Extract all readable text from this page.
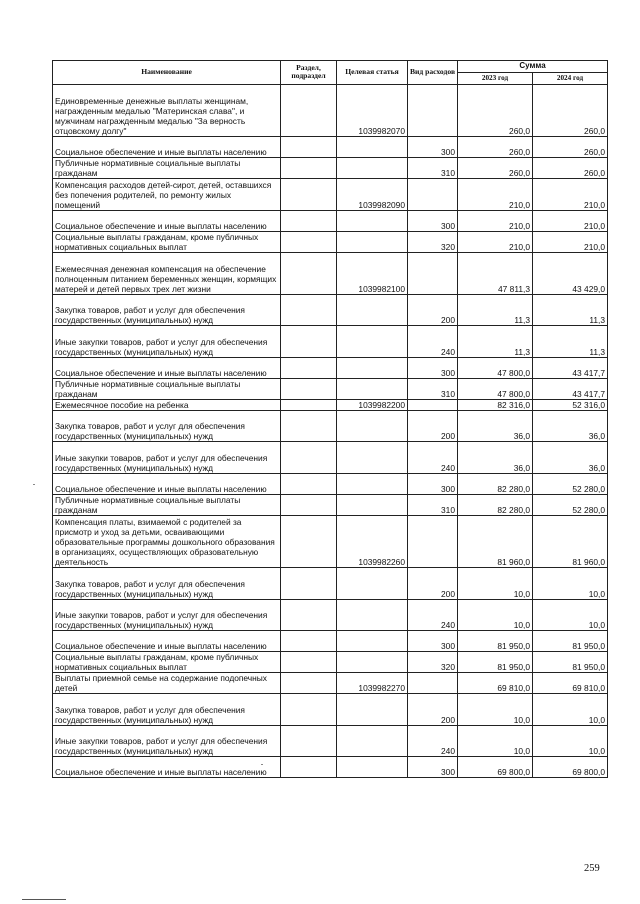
Наименование	Раздел, подраздел	Целевая статья	Вид расходов	Сумма	
				2023 год	2024 год
Единовременные денежные выплаты женщинам, награжденным медалью "Материнская слава", и мужчинам награжденным медалью "За верность отцовскому долгу"		1039982070		260,0	260,0
Социальное обеспечение и иные выплаты населению			300	260,0	260,0
Публичные нормативные социальные выплаты гражданам			310	260,0	260,0
Компенсация расходов детей-сирот, детей, оставшихся без попечения родителей, по ремонту жилых помещений		1039982090		210,0	210,0
Социальное обеспечение и иные выплаты населению			300	210,0	210,0
Социальные выплаты гражданам, кроме публичных нормативных социальных выплат			320	210,0	210,0
Ежемесячная денежная компенсация на обеспечение полноценным питанием беременных женщин, кормящих матерей и детей первых трех лет жизни		1039982100		47 811,3	43 429,0
Закупка товаров, работ и услуг для обеспечения государственных (муниципальных) нужд			200	11,3	11,3
Иные закупки товаров, работ и услуг для обеспечения государственных (муниципальных) нужд			240	11,3	11,3
Социальное обеспечение и иные выплаты населению			300	47 800,0	43 417,7
Публичные нормативные социальные выплаты гражданам			310	47 800,0	43 417,7
Ежемесячное пособие на ребенка		1039982200		82 316,0	52 316,0
Закупка товаров, работ и услуг для обеспечения государственных (муниципальных) нужд			200	36,0	36,0
Иные закупки товаров, работ и услуг для обеспечения государственных (муниципальных) нужд			240	36,0	36,0
Социальное обеспечение и иные выплаты населению			300	82 280,0	52 280,0
Публичные нормативные социальные выплаты гражданам			310	82 280,0	52 280,0
Компенсация платы, взимаемой с родителей за присмотр и уход за детьми, осваивающими образовательные программы дошкольного образования в организациях, осуществляющих образовательную деятельность		1039982260		81 960,0	81 960,0
Закупка товаров, работ и услуг для обеспечения государственных (муниципальных) нужд			200	10,0	10,0
Иные закупки товаров, работ и услуг для обеспечения государственных (муниципальных) нужд			240	10,0	10,0
Социальное обеспечение и иные выплаты населению			300	81 950,0	81 950,0
Социальные выплаты гражданам, кроме публичных нормативных социальных выплат			320	81 950,0	81 950,0
Выплаты приемной семье на содержание подопечных детей		1039982270		69 810,0	69 810,0
Закупка товаров, работ и услуг для обеспечения государственных (муниципальных) нужд			200	10,0	10,0
Иные закупки товаров, работ и услуг для обеспечения государственных (муниципальных) нужд			240	10,0	10,0
Социальное обеспечение и иные выплаты населению			300	69 800,0	69 800,0
259
